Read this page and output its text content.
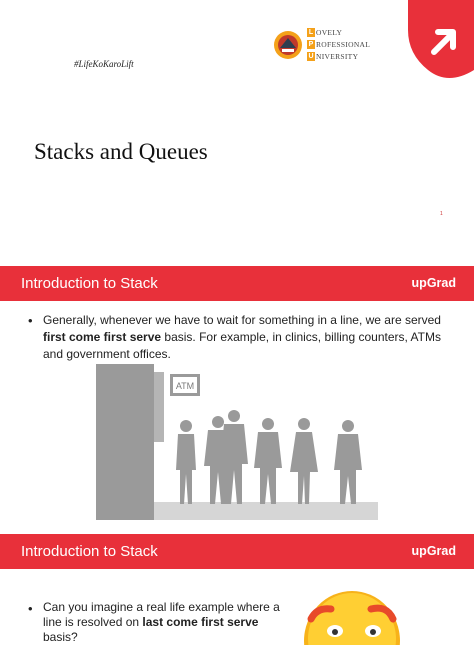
L OVELY
P ROFESSIONAL
U NIVERSITY
#LifeKoKaroLift
Stacks and Queues
1
Introduction to Stack	upGrad
• Generally, whenever we have to wait for something in a line, we are served first come first serve basis. For example, in clinics, billing counters, ATMs and government offices.
ATM
Introduction to Stack	upGrad
• Can you imagine a real life example where a line is resolved on last come first serve basis?
